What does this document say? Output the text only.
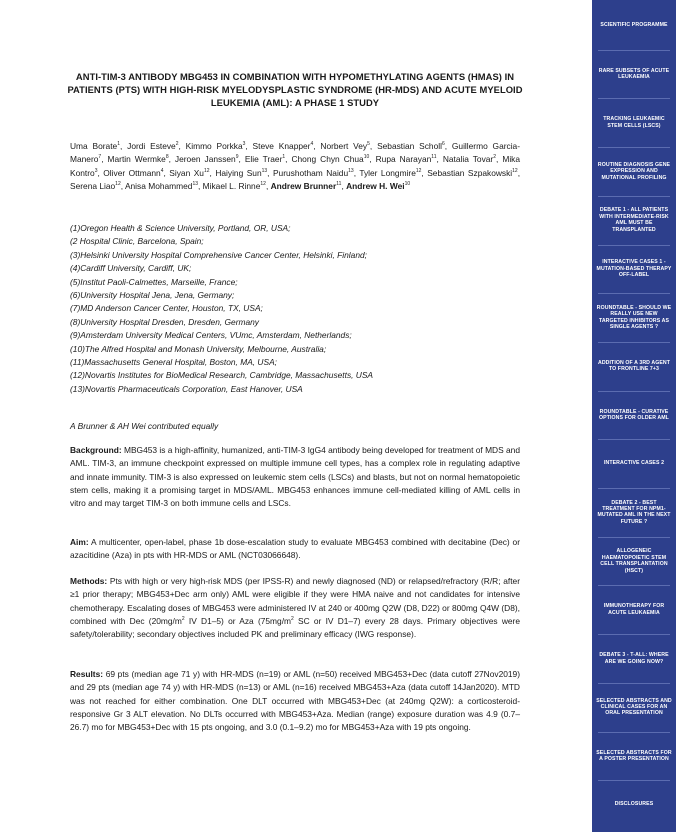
ANTI-TIM-3 ANTIBODY MBG453 IN COMBINATION WITH HYPOMETHYLATING AGENTS (HMAS) IN PATIENTS (PTS) WITH HIGH-RISK MYELODYSPLASTIC SYNDROME (HR-MDS) AND ACUTE MYELOID LEUKEMIA (AML): A PHASE 1 STUDY
Uma Borate$^1$, Jordi Esteve$^2$, Kimmo Porkka$^3$, Steve Knapper$^4$, Norbert Vey$^5$, Sebastian Scholl$^6$, Guillermo Garcia-Manero$^7$, Martin Wermke$^8$, Jeroen Janssen$^9$, Elie Traer$^1$, Chong Chyn Chua$^{10}$, Rupa Narayan$^{11}$, Natalia Tovar$^2$, Mika Kontro$^3$, Oliver Ottmann$^4$, Siyan Xu$^{12}$, Haiying Sun$^{13}$, Purushotham Naidu$^{13}$, Tyler Longmire$^{12}$, Sebastian Szpakowski$^{12}$, Serena Liao$^{12}$, Anisa Mohammed$^{13}$, Mikael L. Rinne$^{12}$, Andrew Brunner$^{11}$, Andrew H. Wei$^{10}$
(1)Oregon Health & Science University, Portland, OR, USA;
(2 Hospital Clinic, Barcelona, Spain;
(3)Helsinki University Hospital Comprehensive Cancer Center, Helsinki, Finland;
(4)Cardiff University, Cardiff, UK;
(5)Institut Paoli-Calmettes, Marseille, France;
(6)University Hospital Jena, Jena, Germany;
(7)MD Anderson Cancer Center, Houston, TX, USA;
(8)University Hospital Dresden, Dresden, Germany
(9)Amsterdam University Medical Centers, VUmc, Amsterdam, Netherlands;
(10)The Alfred Hospital and Monash University, Melbourne, Australia;
(11)Massachusetts General Hospital, Boston, MA, USA;
(12)Novartis Institutes for BioMedical Research, Cambridge, Massachusetts, USA
(13)Novartis Pharmaceuticals Corporation, East Hanover, USA
A Brunner & AH Wei contributed equally
Background: MBG453 is a high-affinity, humanized, anti-TIM-3 IgG4 antibody being developed for treatment of MDS and AML. TIM-3, an immune checkpoint expressed on multiple immune cell types, has a complex role in regulating adaptive and innate immunity. TIM-3 is also expressed on leukemic stem cells (LSCs) and blasts, but not on normal hematopoietic stem cells, making it a promising target in MDS/AML. MBG453 enhances immune cell-mediated killing of AML cells in vitro and may target TIM-3 on both immune cells and LSCs.
Aim: A multicenter, open-label, phase 1b dose-escalation study to evaluate MBG453 combined with decitabine (Dec) or azacitidine (Aza) in pts with HR-MDS or AML (NCT03066648).
Methods: Pts with high or very high-risk MDS (per IPSS-R) and newly diagnosed (ND) or relapsed/refractory (R/R; after ≥1 prior therapy; MBG453+Dec arm only) AML were eligible if they were HMA naive and not candidates for intensive chemotherapy. Escalating doses of MBG453 were administered IV at 240 or 400mg Q2W (D8, D22) or 800mg Q4W (D8), combined with Dec ($20mg/m^2$ IV D1–5) or Aza ($75mg/m^2$ SC or IV D1–7) every 28 days. Primary objectives were safety/tolerability; secondary objectives included PK and preliminary efficacy (IWG response).
Results: 69 pts (median age 71 y) with HR-MDS (n=19) or AML (n=50) received MBG453+Dec (data cutoff 27Nov2019) and 29 pts (median age 74 y) with HR-MDS (n=13) or AML (n=16) received MBG453+Aza (data cutoff 14Jan2020). MTD was not reached for either combination. One DLT occurred with MBG453+Dec (at 240mg Q2W): a corticosteroid-responsive Gr 3 ALT elevation. No DLTs occurred with MBG453+Aza. Median (range) exposure duration was 4.9 (0.7–26.7) mo for MBG453+Dec with 15 pts ongoing, and 3.0 (0.1–9.2) mo for MBG453+Aza with 19 pts ongoing.
SCIENTIFIC PROGRAMME
RARE SUBSETS OF ACUTE LEUKAEMIA
TRACKING LEUKAEMIC STEM CELLS (LSCS)
ROUTINE DIAGNOSIS GENE EXPRESSION AND MUTATIONAL PROFILING
DEBATE 1 - ALL PATIENTS WITH INTERMEDIATE-RISK AML MUST BE TRANSPLANTED
INTERACTIVE CASES 1 - MUTATION-BASED THERAPY OFF-LABEL
ROUNDTABLE - SHOULD WE REALLY USE NEW TARGETED INHIBITORS AS SINGLE AGENTS ?
ADDITION OF A 3RD AGENT TO FRONTLINE 7+3
ROUNDTABLE - CURATIVE OPTIONS FOR OLDER AML
INTERACTIVE CASES 2
DEBATE 2 - BEST TREATMENT FOR NPM1-MUTATED AML IN THE NEXT FUTURE ?
ALLOGENEIC HAEMATOPOIETIC STEM CELL TRANSPLANTATION (HSCT)
IMMUNOTHERAPY FOR ACUTE LEUKAEMIA
DEBATE 3 - T-ALL: WHERE ARE WE GOING NOW?
SELECTED ABSTRACTS AND CLINICAL CASES FOR AN ORAL PRESENTATION
SELECTED ABSTRACTS FOR A POSTER PRESENTATION
DISCLOSURES
